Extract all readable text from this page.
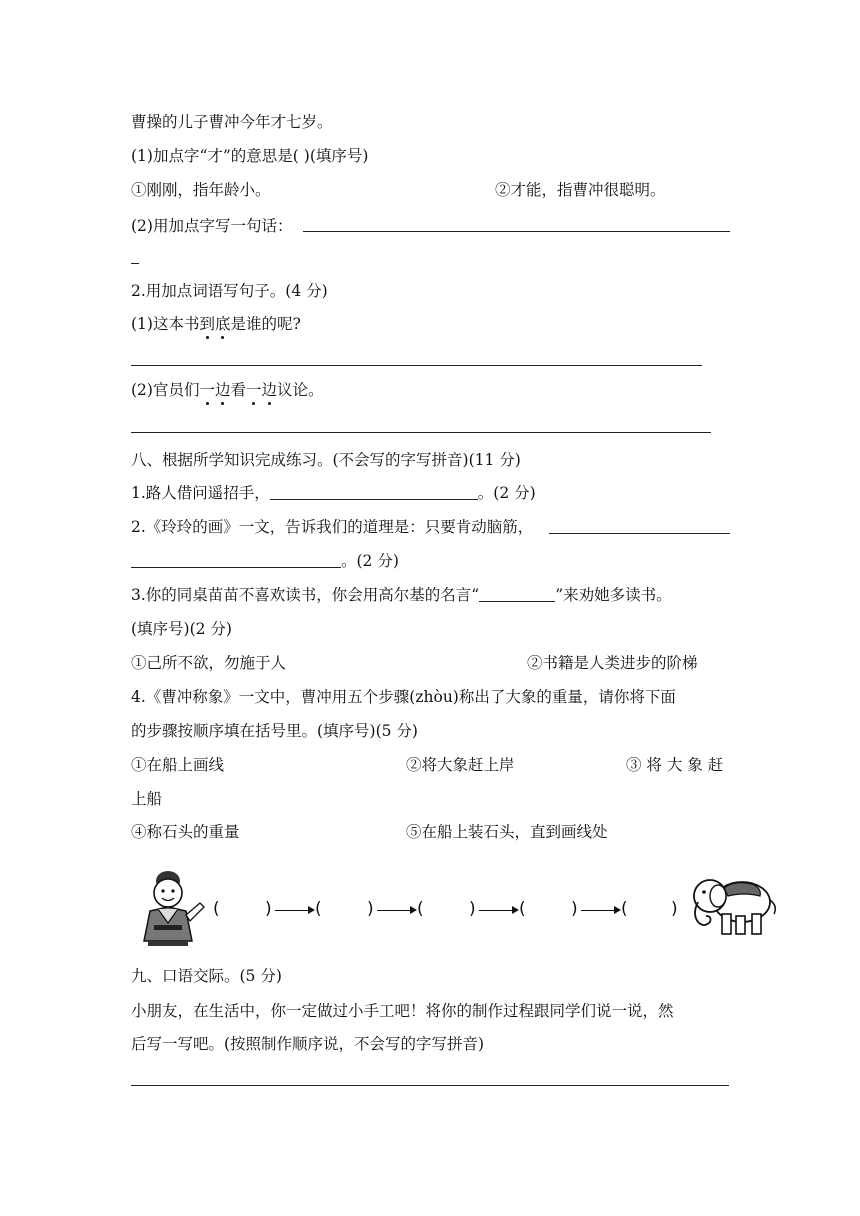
曹操的儿子曹冲今年才七岁。
(1)加点字“才”的意思是( )(填序号)
①刚刚，指年龄小。	②才能，指曹冲很聪明。
(2)用加点字写一句话：
2.用加点词语写句子。(4 分)
(1)这本书到底是谁的呢?
(2)官员们一边看一边议论。
八、根据所学知识完成练习。(不会写的字写拼音)(11 分)
1.路人借问遥招手，	。(2 分)
2.《玲玲的画》一文，告诉我们的道理是：只要肯动脑筋，
。(2 分)
3.你的同桌苗苗不喜欢读书，你会用高尔基的名言“	”来劝她多读书。
(填序号)(2 分)
①己所不欲，勿施于人	②书籍是人类进步的阶梯
4.《曹冲称象》一文中，曹冲用五个步骤(zhòu)称出了大象的重量，请你将下面
的步骤按顺序填在括号里。(填序号)(5 分)
①在船上画线	②将大象赶上岸	③ 将 大 象 赶
上船
④称石头的重量	⑤在船上装石头，直到画线处
(	)	(	)	(	)	(	)	(	)
九、口语交际。(5 分)
小朋友，在生活中，你一定做过小手工吧！将你的制作过程跟同学们说一说，然
后写一写吧。(按照制作顺序说，不会写的字写拼音)
